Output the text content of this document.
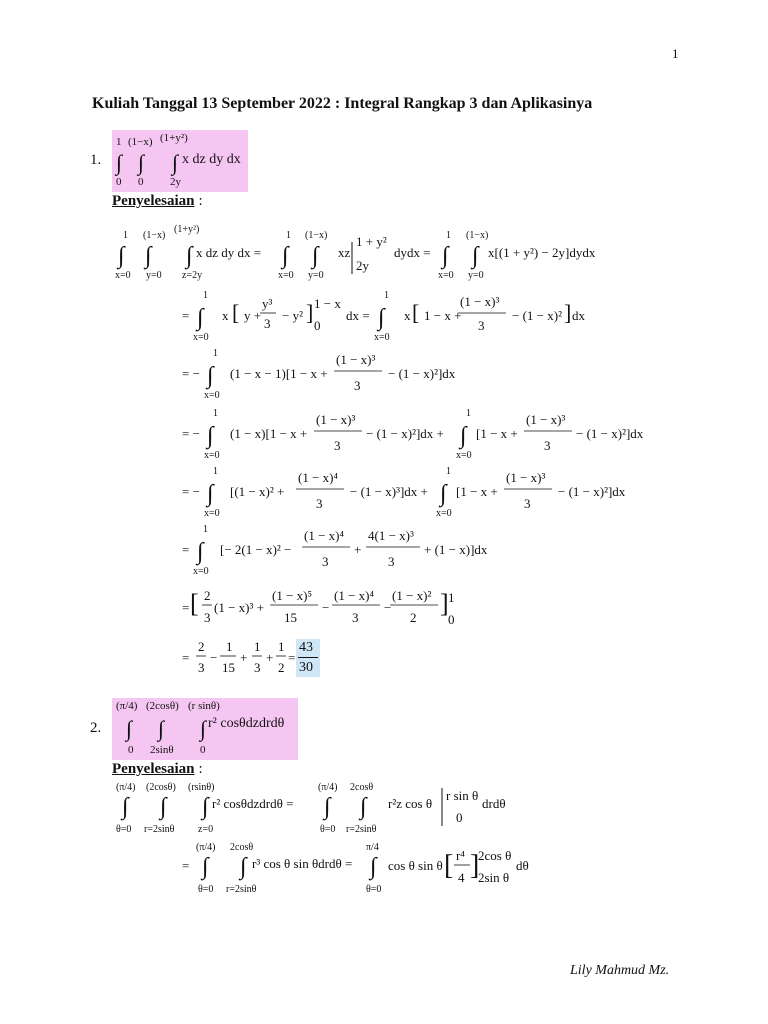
1
Kuliah Tanggal 13 September 2022 : Integral Rangkap 3 dan Aplikasinya
1.
2.
1 (1−x) (1+y²)
∫ ∫ ∫ x dz dy dx
0 0 2y
Penyelesaian :
1 (1−x)
(1+y²)
∫ ∫ ∫ x dz dy dx =
x=0 y=0 z=2y
1 (1−x)
∫ ∫
x=0 y=0
xz
1 + y²
2y
dydx =
1 (1−x)
∫ ∫
x=0 y=0
x[(1 + y²) − 2y]dydx
=
1
∫
x=0
x [ y +
y³
3
− y² ] 1 − x
0
dx =
1
∫
x=0
x [ 1 − x +
(1 − x)³
3
− (1 − x)² ] dx
= −
1
∫
x=0
(1 − x − 1)[1 − x +
(1 − x)³
3
− (1 − x)²]dx
= −
1
∫
x=0
(1 − x)[1 − x +
(1 − x)³
3
− (1 − x)²]dx +
1
∫
x=0
[1 − x +
(1 − x)³
3
− (1 − x)²]dx
= −
1
∫
x=0
[(1 − x)² +
(1 − x)⁴
3
− (1 − x)³]dx +
1
∫
x=0
[1 − x +
(1 − x)³
3
− (1 − x)²]dx
=
1
∫
x=0
[− 2(1 − x)² −
(1 − x)⁴
3
+
4(1 − x)³
3
+ (1 − x)]dx
= [ 2
3
(1 − x)³ +
(1 − x)⁵
15
−
(1 − x)⁴
3
−
(1 − x)²
2 ] 1
0
=
2
3
−
1
15
+
1
3
+
1
2
=
43
30
(π/4) (2cosθ) (r sinθ)
∫ ∫ ∫ r² cosθdzdrdθ
0 2sinθ 0
Penyelesaian :
(π/4) (2cosθ) (rsinθ)
∫ ∫ ∫ r² cosθdzdrdθ =
θ=0 r=2sinθ z=0
(π/4) 2cosθ
∫ ∫
θ=0 r=2sinθ
r²z cos θ
r sin θ
0
drdθ
=
(π/4) 2cosθ
∫ ∫
θ=0 r=2sinθ
r³ cos θ sin θdrdθ =
π/4
∫
θ=0
cos θ sin θ [ r⁴
4 ]
2cos θ
2sin θ
dθ
Lily Mahmud Mz.
